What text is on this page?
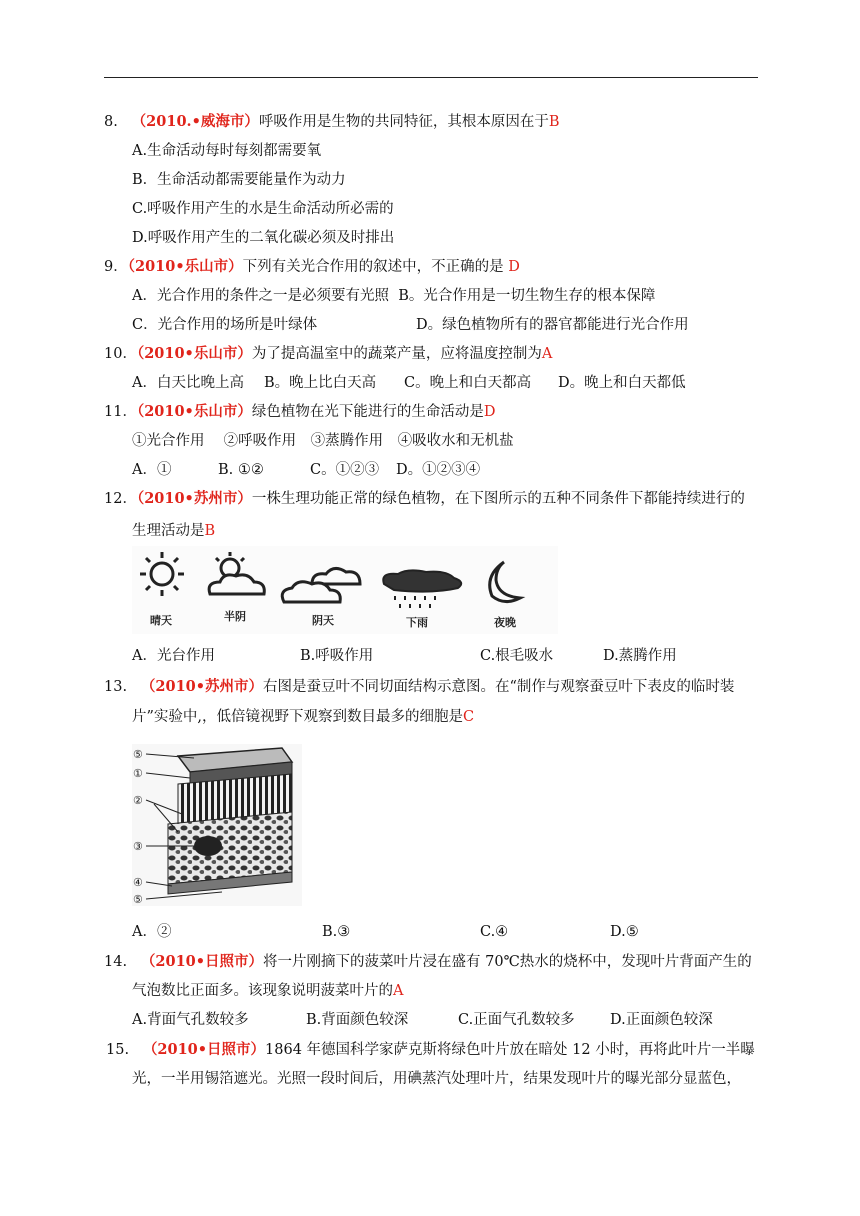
8. （2010.•威海市）呼吸作用是生物的共同特征，其根本原因在于B
A.生命活动每时每刻都需要氧
B．生命活动都需要能量作为动力
C.呼吸作用产生的水是生命活动所必需的
D.呼吸作用产生的二氧化碳必须及时排出
9．（2010•乐山市）下列有关光合作用的叙述中，不正确的是 D
A．光合作用的条件之一是必须要有光照 B。光合作用是一切生物生存的根本保障
C．光合作用的场所是叶绿体	D。绿色植物所有的器官都能进行光合作用
10．（2010•乐山市）为了提高温室中的蔬菜产量，应将温度控制为A
A．白天比晚上高 B。晚上比白天高 C。晚上和白天都高 D。晚上和白天都低
11．（2010•乐山市）绿色植物在光下能进行的生命活动是D
①光合作用　 ②呼吸作用　③蒸腾作用　④吸收水和无机盐
A．①	B. ①②	C。①②③ D。①②③④
12．（2010•苏州市）一株生理功能正常的绿色植物，在下图所示的五种不同条件下都能持续进行的
生理活动是B
晴天	半阴	阴天	下雨	夜晚
A．光台作用	B.呼吸作用	C.根毛吸水	D.蒸腾作用
13. （2010•苏州市）右图是蚕豆叶不同切面结构示意图。在“制作与观察蚕豆叶下表皮的临时装
片”实验中,，低倍镜视野下观察到数目最多的细胞是C
⑤
①
②
③
④
⑤
A．②	B.③	C.④	D.⑤
14. （2010•日照市）将一片刚摘下的菠菜叶片浸在盛有 70℃热水的烧杯中，发现叶片背面产生的
气泡数比正面多。该现象说明菠菜叶片的A
A.背面气孔数较多	B.背面颜色较深	C.正面气孔数较多 D.正面颜色较深
15. （2010•日照市）1864 年德国科学家萨克斯将绿色叶片放在暗处 12 小时，再将此叶片一半曝
光，一半用锡箔遮光。光照一段时间后，用碘蒸汽处理叶片，结果发现叶片的曝光部分显蓝色，
